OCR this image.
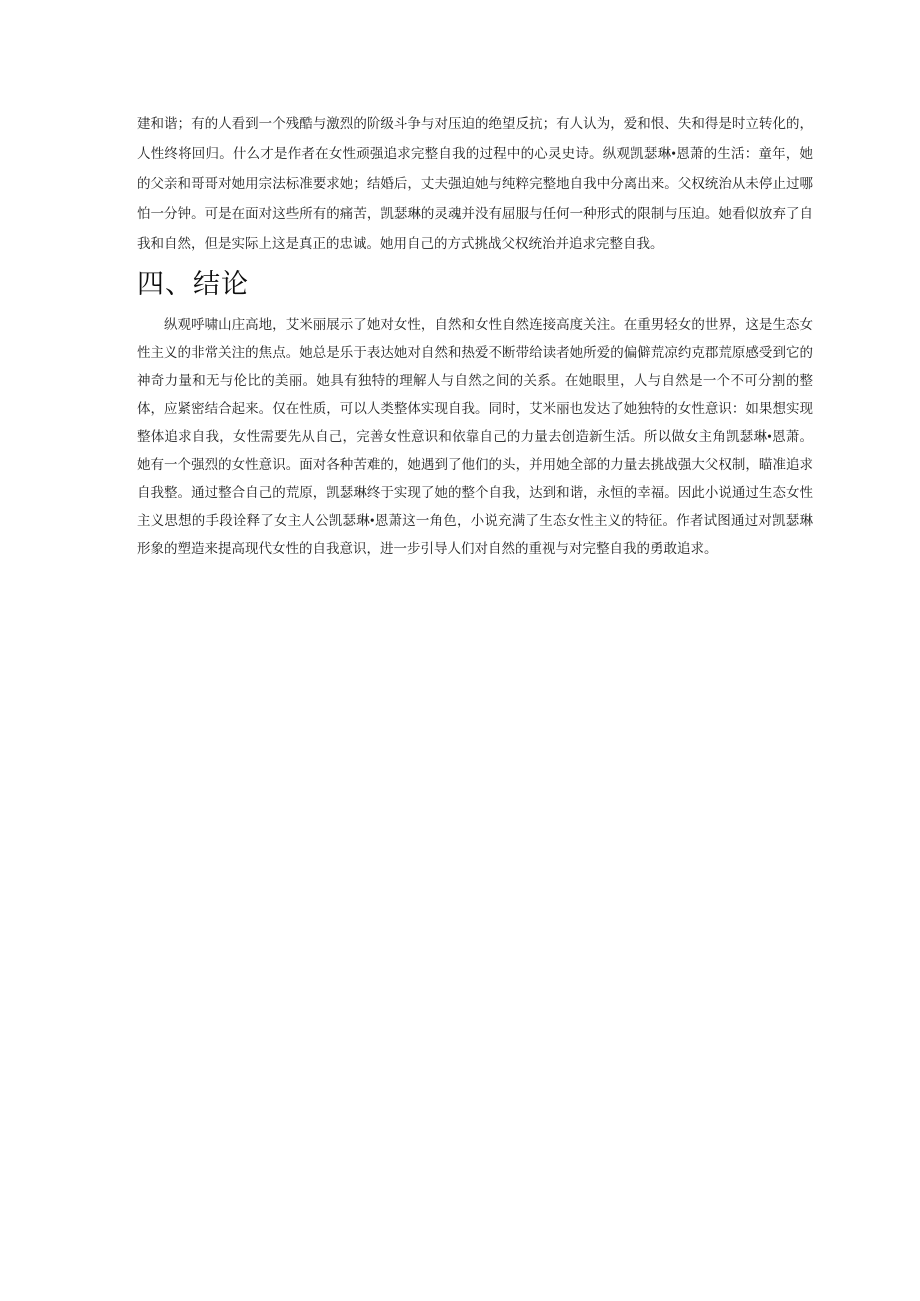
建和谐；有的人看到一个残酷与激烈的阶级斗争与对压迫的绝望反抗；有人认为，爱和恨、失和得是时立转化的，人性终将回归。什么才是作者在女性顽强追求完整自我的过程中的心灵史诗。纵观凯瑟琳•恩萧的生活：童年，她的父亲和哥哥对她用宗法标准要求她；结婚后，丈夫强迫她与纯粹完整地自我中分离出来。父权统治从未停止过哪怕一分钟。可是在面对这些所有的痛苦，凯瑟琳的灵魂并没有屈服与任何一种形式的限制与压迫。她看似放弃了自我和自然，但是实际上这是真正的忠诚。她用自己的方式挑战父权统治并追求完整自我。

四、结论

纵观呼啸山庄高地，艾米丽展示了她对女性，自然和女性自然连接高度关注。在重男轻女的世界，这是生态女性主义的非常关注的焦点。她总是乐于表达她对自然和热爱不断带给读者她所爱的偏僻荒凉约克郡荒原感受到它的神奇力量和无与伦比的美丽。她具有独特的理解人与自然之间的关系。在她眼里，人与自然是一个不可分割的整体，应紧密结合起来。仅在性质，可以人类整体实现自我。同时，艾米丽也发达了她独特的女性意识：如果想实现整体追求自我，女性需要先从自己，完善女性意识和依靠自己的力量去创造新生活。所以做女主角凯瑟琳•恩萧。她有一个强烈的女性意识。面对各种苦难的，她遇到了他们的头，并用她全部的力量去挑战强大父权制，瞄准追求自我整。通过整合自己的荒原，凯瑟琳终于实现了她的整个自我，达到和谐，永恒的幸福。因此小说通过生态女性主义思想的手段诠释了女主人公凯瑟琳•恩萧这一角色，小说充满了生态女性主义的特征。作者试图通过对凯瑟琳形象的塑造来提高现代女性的自我意识，进一步引导人们对自然的重视与对完整自我的勇敢追求。
